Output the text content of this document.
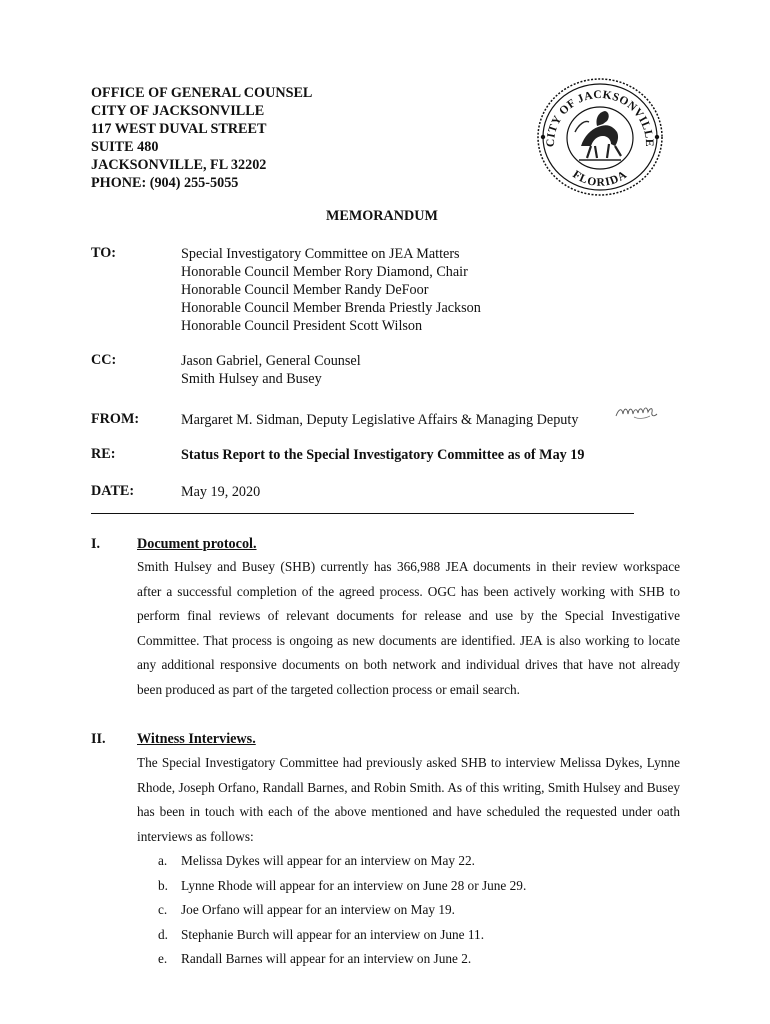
OFFICE OF GENERAL COUNSEL
CITY OF JACKSONVILLE
117 WEST DUVAL STREET
SUITE 480
JACKSONVILLE, FL 32202
PHONE: (904) 255-5055
CITY OF JACKSONVILLE
FLORIDA
MEMORANDUM
TO:	Special Investigatory Committee on JEA Matters
Honorable Council Member Rory Diamond, Chair
Honorable Council Member Randy DeFoor
Honorable Council Member Brenda Priestly Jackson
Honorable Council President Scott Wilson
CC:	Jason Gabriel, General Counsel
Smith Hulsey and Busey
FROM:	Margaret M. Sidman, Deputy Legislative Affairs & Managing Deputy
RE:	Status Report to the Special Investigatory Committee as of May 19
DATE:	May 19, 2020
I.	Document protocol.
Smith Hulsey and Busey (SHB) currently has 366,988 JEA documents in their review workspace after a successful completion of the agreed process. OGC has been actively working with SHB to perform final reviews of relevant documents for release and use by the Special Investigative Committee. That process is ongoing as new documents are identified. JEA is also working to locate any additional responsive documents on both network and individual drives that have not already been produced as part of the targeted collection process or email search.
II. Witness Interviews.
The Special Investigatory Committee had previously asked SHB to interview Melissa Dykes, Lynne Rhode, Joseph Orfano, Randall Barnes, and Robin Smith. As of this writing, Smith Hulsey and Busey has been in touch with each of the above mentioned and have scheduled the requested under oath interviews as follows:
a. Melissa Dykes will appear for an interview on May 22.
b. Lynne Rhode will appear for an interview on June 28 or June 29.
c. Joe Orfano will appear for an interview on May 19.
d. Stephanie Burch will appear for an interview on June 11.
e. Randall Barnes will appear for an interview on June 2.
